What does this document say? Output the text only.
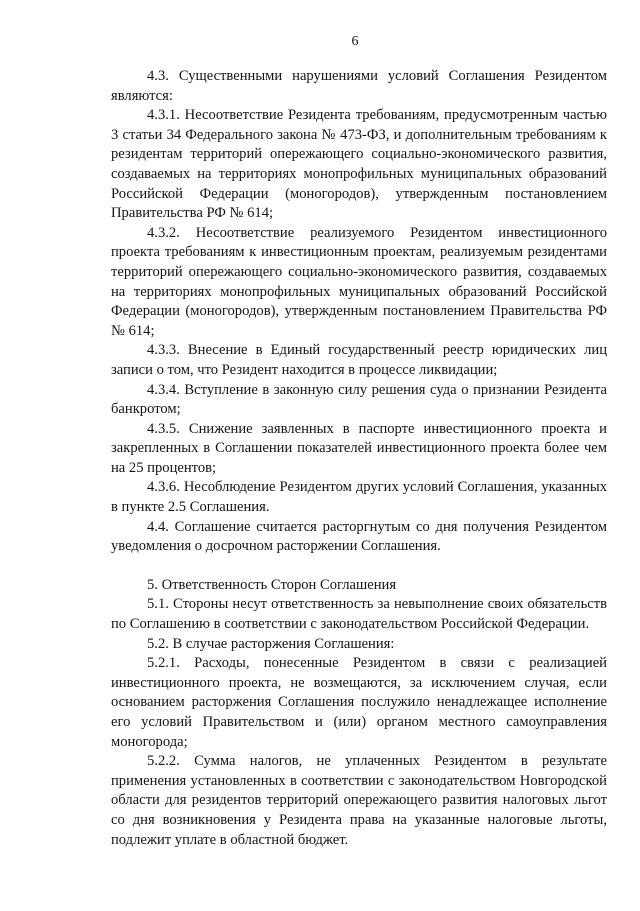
6

4.3. Существенными нарушениями условий Соглашения Резидентом являются:

4.3.1. Несоответствие Резидента требованиям, предусмотренным частью 3 статьи 34 Федерального закона № 473-ФЗ, и дополнительным требованиям к резидентам территорий опережающего социально-экономического развития, создаваемых на территориях монопрофильных муниципальных образований Российской Федерации (моногородов), утвержденным постановлением Правительства РФ № 614;

4.3.2. Несоответствие реализуемого Резидентом инвестиционного проекта требованиям к инвестиционным проектам, реализуемым резидентами территорий опережающего социально-экономического развития, создаваемых на территориях монопрофильных муниципальных образований Российской Федерации (моногородов), утвержденным постановлением Правительства РФ № 614;

4.3.3. Внесение в Единый государственный реестр юридических лиц записи о том, что Резидент находится в процессе ликвидации;

4.3.4. Вступление в законную силу решения суда о признании Резидента банкротом;

4.3.5. Снижение заявленных в паспорте инвестиционного проекта и закрепленных в Соглашении показателей инвестиционного проекта более чем на 25 процентов;

4.3.6. Несоблюдение Резидентом других условий Соглашения, указанных в пункте 2.5 Соглашения.

4.4. Соглашение считается расторгнутым со дня получения Резидентом уведомления о досрочном расторжении Соглашения.

5. Ответственность Сторон Соглашения

5.1. Стороны несут ответственность за невыполнение своих обязательств по Соглашению в соответствии с законодательством Российской Федерации.

5.2. В случае расторжения Соглашения:

5.2.1. Расходы, понесенные Резидентом в связи с реализацией инвестиционного проекта, не возмещаются, за исключением случая, если основанием расторжения Соглашения послужило ненадлежащее исполнение его условий Правительством и (или) органом местного самоуправления моногорода;

5.2.2. Сумма налогов, не уплаченных Резидентом в результате применения установленных в соответствии с законодательством Новгородской области для резидентов территорий опережающего развития налоговых льгот со дня возникновения у Резидента права на указанные налоговые льготы, подлежит уплате в областной бюджет.
